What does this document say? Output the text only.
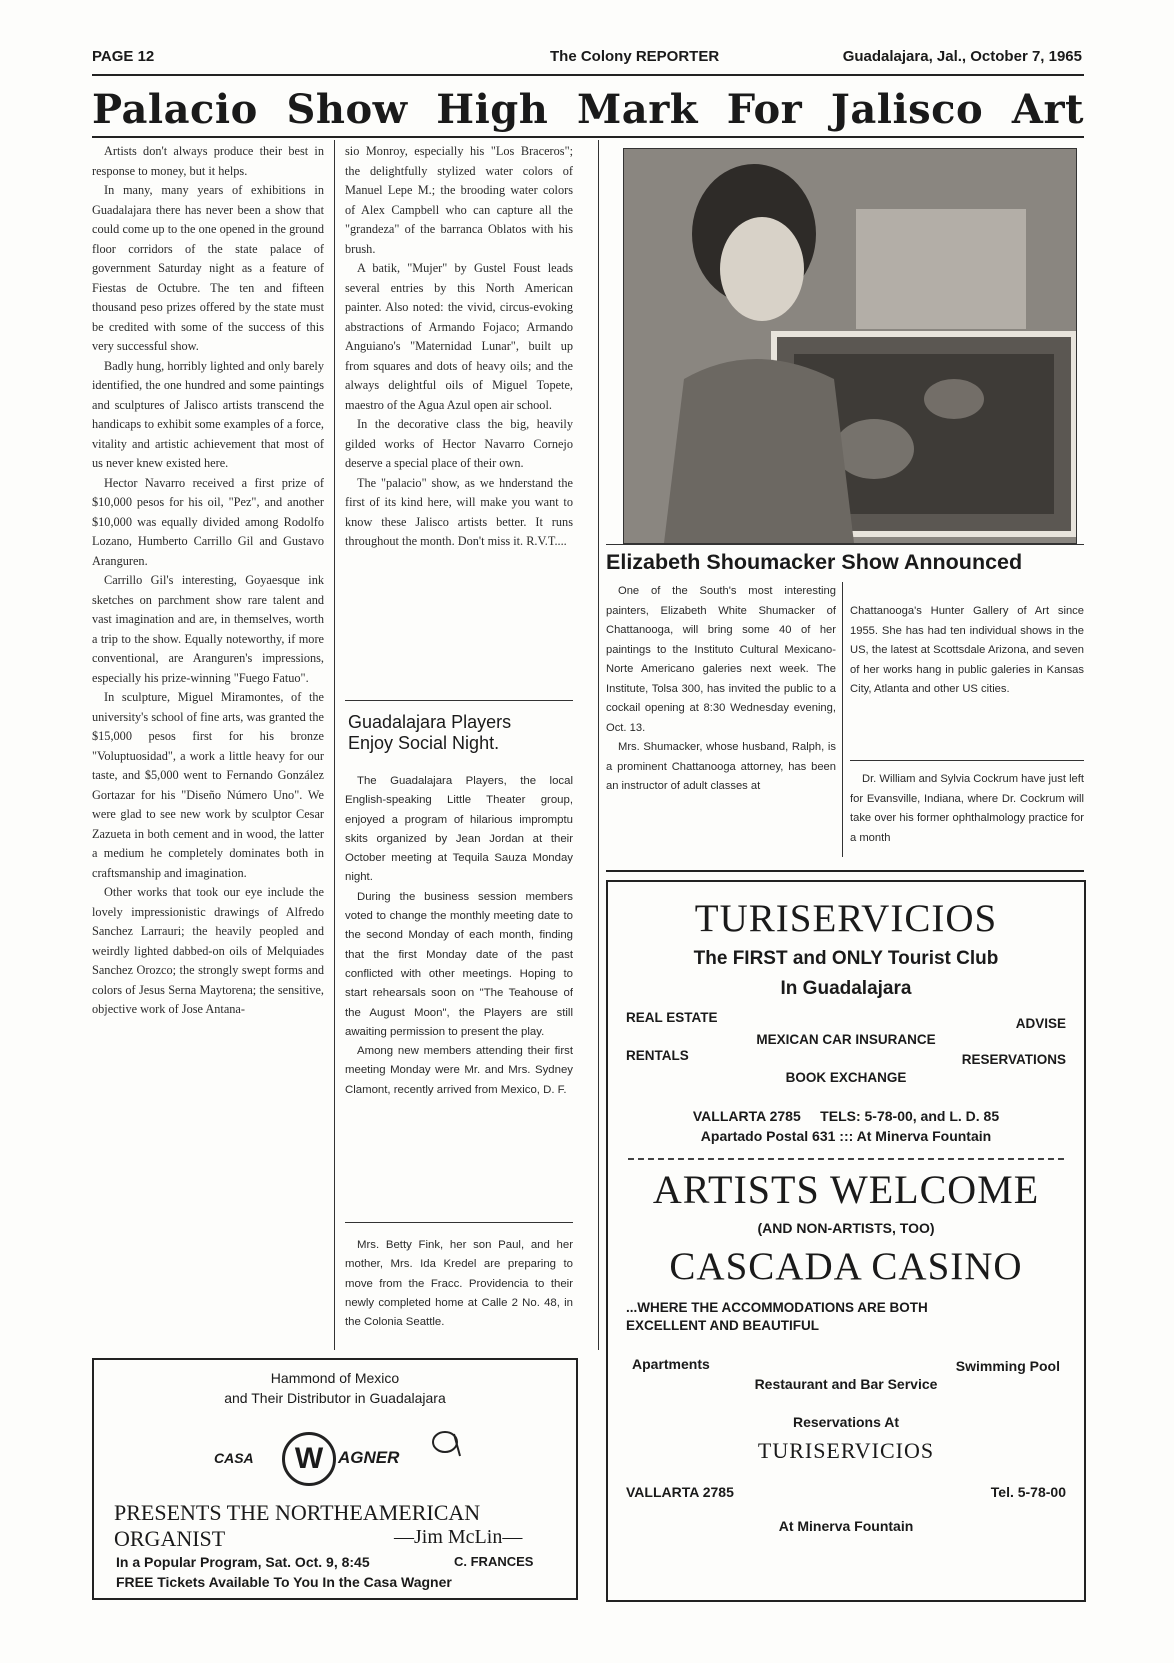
PAGE 12	The Colony REPORTER	Guadalajara, Jal., October 7, 1965
Palacio Show High Mark For Jalisco Art

Artists don't always produce their best in response to money, but it helps.

In many, many years of exhibitions in Guadalajara there has never been a show that could come up to the one opened in the ground floor corridors of the state palace of government Saturday night as a feature of Fiestas de Octubre. The ten and fifteen thousand peso prizes offered by the state must be credited with some of the success of this very successful show.

Badly hung, horribly lighted and only barely identified, the one hundred and some paintings and sculptures of Jalisco artists transcend the handicaps to exhibit some examples of a force, vitality and artistic achievement that most of us never knew existed here.

Hector Navarro received a first prize of $10,000 pesos for his oil, "Pez", and another $10,000 was equally divided among Rodolfo Lozano, Humberto Carrillo Gil and Gustavo Aranguren.

Carrillo Gil's interesting, Goyaesque ink sketches on parchment show rare talent and vast imagination and are, in themselves, worth a trip to the show. Equally noteworthy, if more conventional, are Aranguren's impressions, especially his prize-winning "Fuego Fatuo".

In sculpture, Miguel Miramontes, of the university's school of fine arts, was granted the $15,000 pesos first for his bronze "Voluptuosidad", a work a little heavy for our taste, and $5,000 went to Fernando González Gortazar for his "Diseño Número Uno". We were glad to see new work by sculptor Cesar Zazueta in both cement and in wood, the latter a medium he completely dominates both in craftsmanship and imagination.

Other works that took our eye include the lovely impressionistic drawings of Alfredo Sanchez Larrauri; the heavily peopled and weirdly lighted dabbed-on oils of Melquiades Sanchez Orozco; the strongly swept forms and colors of Jesus Serna Maytorena; the sensitive, objective work of Jose Antana-

sio Monroy, especially his "Los Braceros"; the delightfully stylized water colors of Manuel Lepe M.; the brooding water colors of Alex Campbell who can capture all the "grandeza" of the barranca Oblatos with his brush.

A batik, "Mujer" by Gustel Foust leads several entries by this North American painter. Also noted: the vivid, circus-evoking abstractions of Armando Fojaco; Armando Anguiano's "Maternidad Lunar", built up from squares and dots of heavy oils; and the always delightful oils of Miguel Topete, maestro of the Agua Azul open air school.

In the decorative class the big, heavily gilded works of Hector Navarro Cornejo deserve a special place of their own.

The "palacio" show, as we hnderstand the first of its kind here, will make you want to know these Jalisco artists better. It runs throughout the month. Don't miss it. R.V.T....

Guadalajara Players
Enjoy Social Night.

The Guadalajara Players, the local English-speaking Little Theater group, enjoyed a program of hilarious impromptu skits organized by Jean Jordan at their October meeting at Tequila Sauza Monday night.

During the business session members voted to change the monthly meeting date to the second Monday of each month, finding that the first Monday date of the past conflicted with other meetings. Hoping to start rehearsals soon on "The Teahouse of the August Moon", the Players are still awaiting permission to present the play.

Among new members attending their first meeting Monday were Mr. and Mrs. Sydney Clamont, recently arrived from Mexico, D. F.

Mrs. Betty Fink, her son Paul, and her mother, Mrs. Ida Kredel are preparing to move from the Fracc. Providencia to their newly completed home at Calle 2 No. 48, in the Colonia Seattle.

Elizabeth Shoumacker Show Announced

One of the South's most interesting painters, Elizabeth White Shumacker of Chattanooga, will bring some 40 of her paintings to the Instituto Cultural Mexicano-Norte Americano galeries next week. The Institute, Tolsa 300, has invited the public to a cockail opening at 8:30 Wednesday evening, Oct. 13.

Mrs. Shumacker, whose husband, Ralph, is a prominent Chattanooga attorney, has been an instructor of adult classes at

Chattanooga's Hunter Gallery of Art since 1955. She has had ten individual shows in the US, the latest at Scottsdale Arizona, and seven of her works hang in public galeries in Kansas City, Atlanta and other US cities.

Dr. William and Sylvia Cockrum have just left for Evansville, Indiana, where Dr. Cockrum will take over his former ophthalmology practice for a month

Hammond of Mexico
and Their Distributor in Guadalajara
CASA	W AGNER
PRESENTS THE NORTHEAMERICAN
ORGANIST	—Jim McLin—
In a Popular Program, Sat. Oct. 9, 8:45	C. FRANCES
FREE Tickets Available To You In the Casa Wagner
TURISERVICIOS
The FIRST and ONLY Tourist Club
In Guadalajara
REAL ESTATE	ADVISE
MEXICAN CAR INSURANCE
RENTALS	RESERVATIONS
BOOK EXCHANGE
VALLARTA 2785     TELS: 5-78-00, and L. D. 85
Apartado Postal 631 ::: At Minerva Fountain
ARTISTS WELCOME
(AND NON-ARTISTS, TOO)
CASCADA CASINO
...WHERE THE ACCOMMODATIONS ARE BOTH
EXCELLENT AND BEAUTIFUL
Apartments	Swimming Pool
Restaurant and Bar Service
Reservations At
TURISERVICIOS
VALLARTA 2785	Tel. 5-78-00
At Minerva Fountain
